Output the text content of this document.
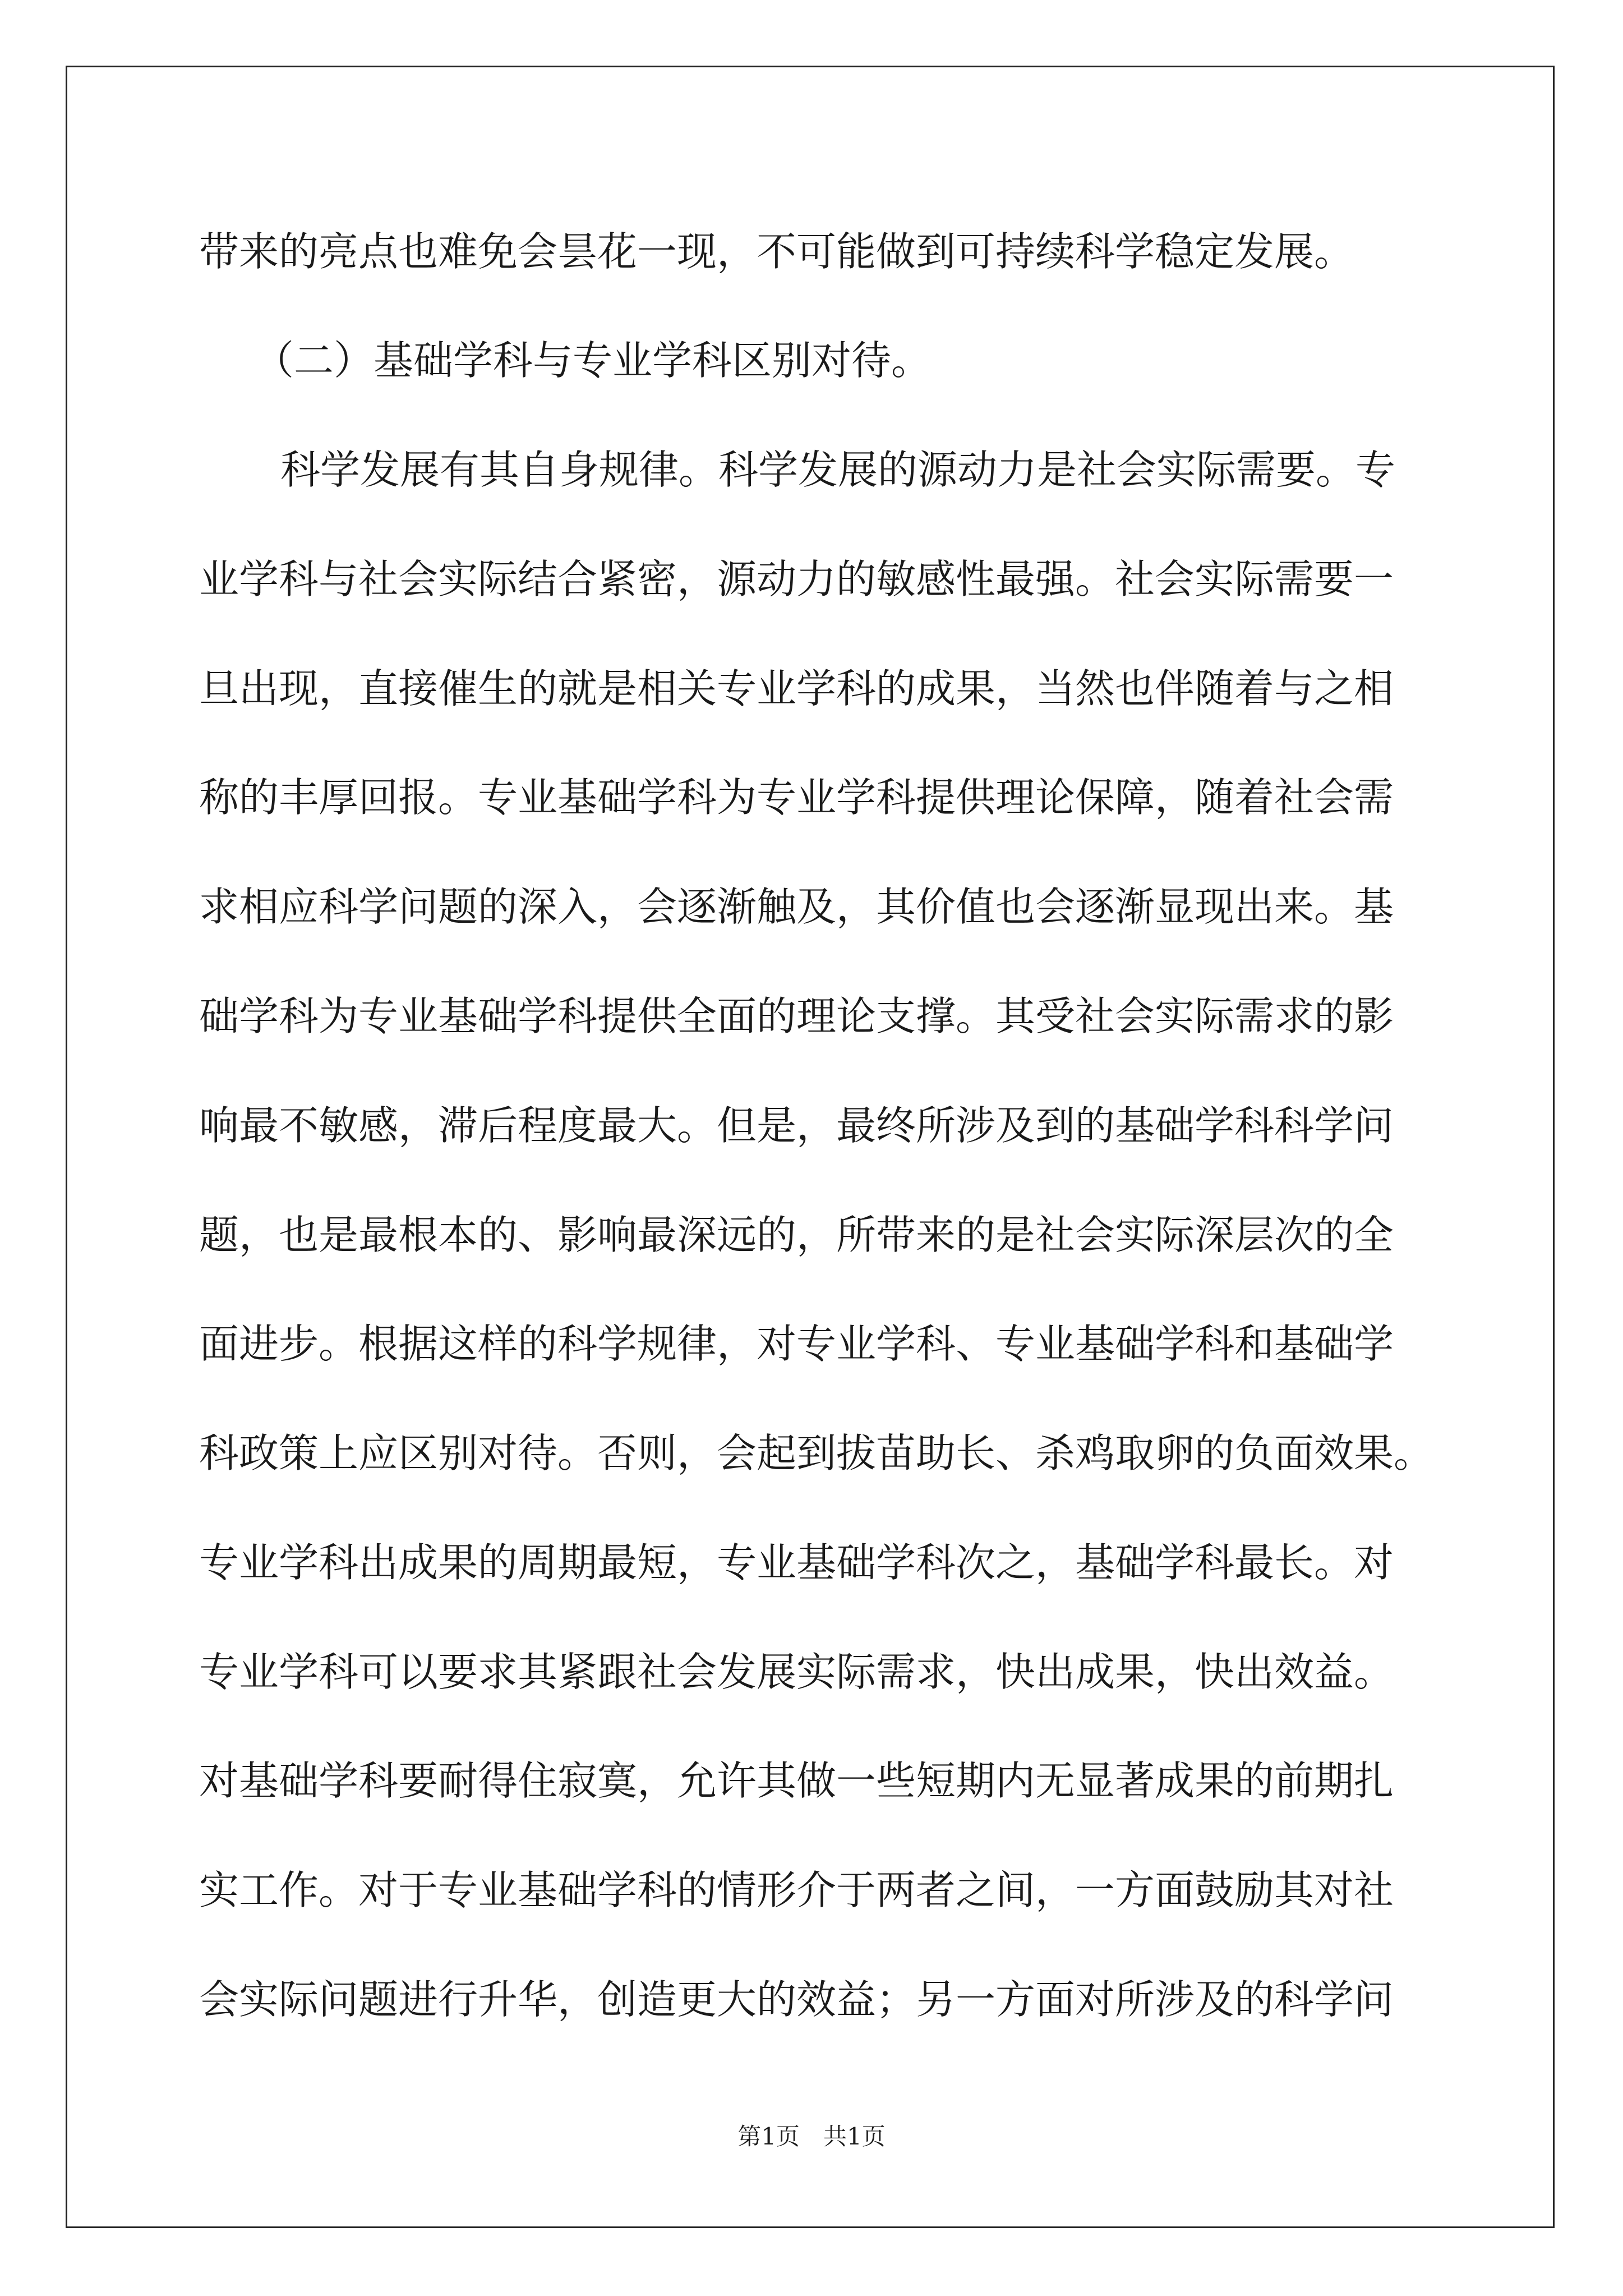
带来的亮点也难免会昙花一现，不可能做到可持续科学稳定发展。
（二）基础学科与专业学科区别对待。
科学发展有其自身规律。科学发展的源动力是社会实际需要。专
业学科与社会实际结合紧密，源动力的敏感性最强。社会实际需要一
旦出现，直接催生的就是相关专业学科的成果，当然也伴随着与之相
称的丰厚回报。专业基础学科为专业学科提供理论保障，随着社会需
求相应科学问题的深入，会逐渐触及，其价值也会逐渐显现出来。基
础学科为专业基础学科提供全面的理论支撑。其受社会实际需求的影
响最不敏感，滞后程度最大。但是，最终所涉及到的基础学科科学问
题，也是最根本的、影响最深远的，所带来的是社会实际深层次的全
面进步。根据这样的科学规律，对专业学科、专业基础学科和基础学
科政策上应区别对待。否则，会起到拔苗助长、杀鸡取卵的负面效果。
专业学科出成果的周期最短，专业基础学科次之，基础学科最长。对
专业学科可以要求其紧跟社会发展实际需求，快出成果，快出效益。
对基础学科要耐得住寂寞，允许其做一些短期内无显著成果的前期扎
实工作。对于专业基础学科的情形介于两者之间，一方面鼓励其对社
会实际问题进行升华，创造更大的效益；另一方面对所涉及的科学问
第1页　共1页
